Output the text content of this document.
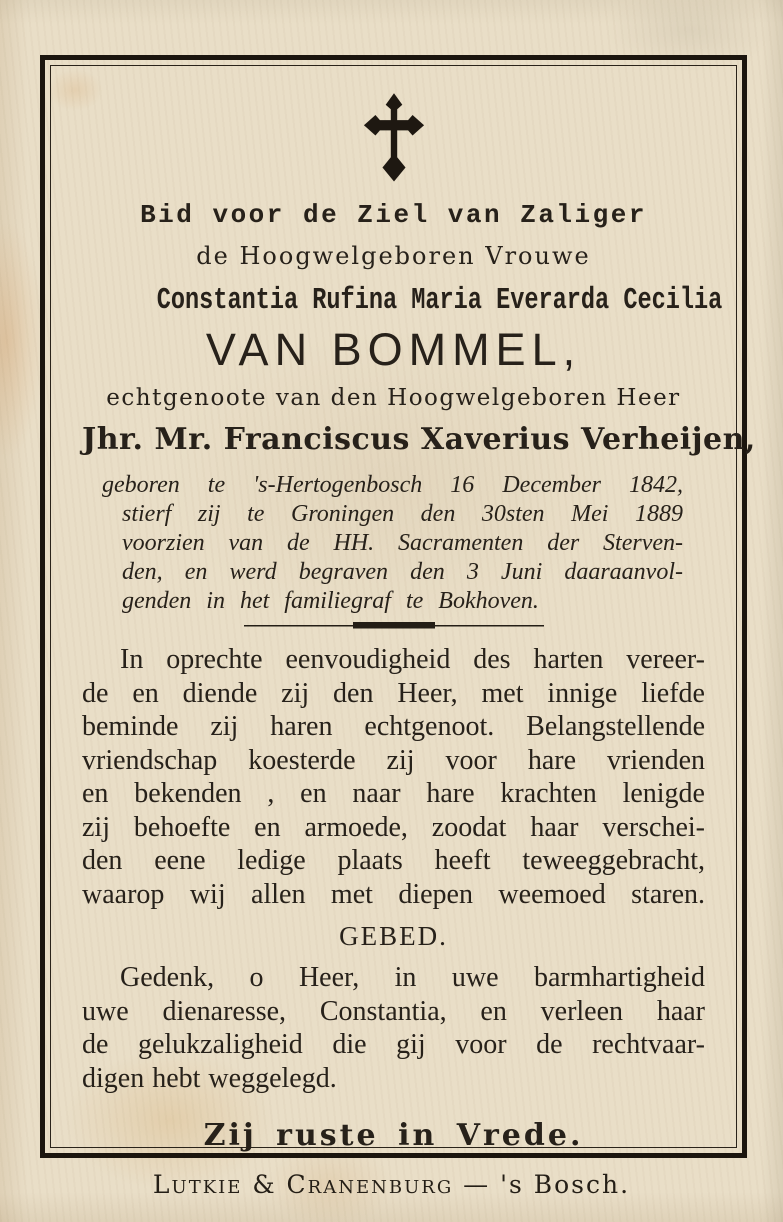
Bid voor de Ziel van Zaliger
de Hoogwelgeboren Vrouwe
Constantia Rufina Maria Everarda Cecilia
VAN BOMMEL,
echtgenoote van den Hoogwelgeboren Heer
Jhr. Mr. Franciscus Xaverius Verheijen,
geboren te 's-Hertogenbosch 16 December 1842,
stierf zij te Groningen den 30sten Mei 1889
voorzien van de HH. Sacramenten der Sterven-
den, en werd begraven den 3 Juni daaraanvol-
genden in het familiegraf te Bokhoven.
In oprechte eenvoudigheid des harten vereer-
de en diende zij den Heer, met innige liefde
beminde zij haren echtgenoot. Belangstellende
vriendschap koesterde zij voor hare vrienden
en bekenden , en naar hare krachten lenigde
zij behoefte en armoede, zoodat haar verschei-
den eene ledige plaats heeft teweeggebracht,
waarop wij allen met diepen weemoed staren.
GEBED.
Gedenk, o Heer, in uwe barmhartigheid
uwe dienaresse, Constantia, en verleen haar
de gelukzaligheid die gij voor de rechtvaar-
digen hebt weggelegd.
Zij ruste in Vrede.
Lutkie & Cranenburg — 's Bosch.
